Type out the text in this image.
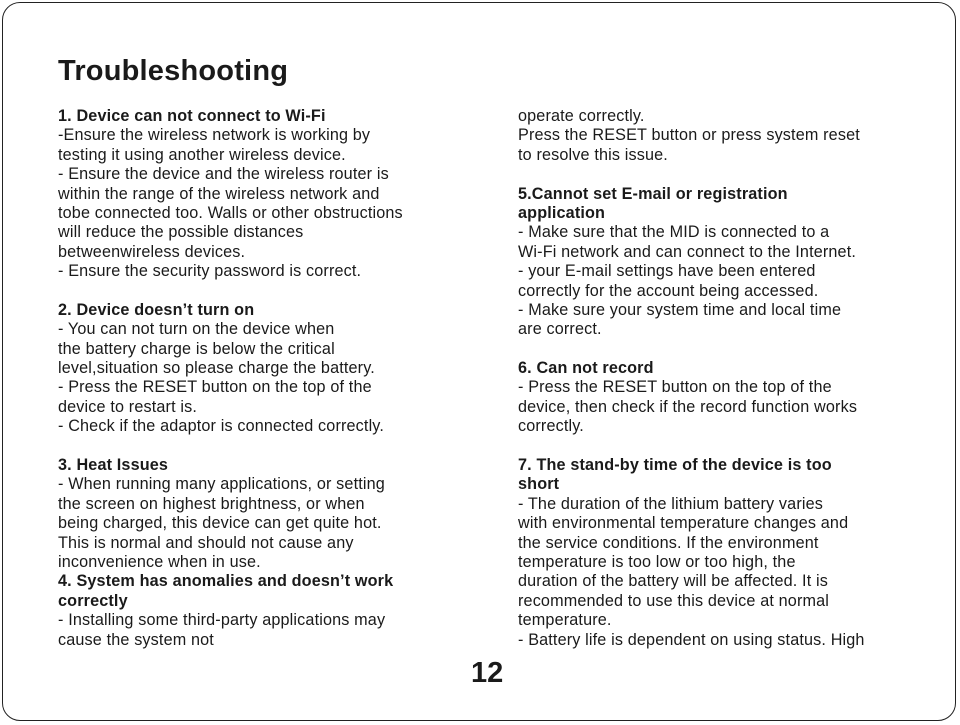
Troubleshooting
1. Device can not connect to Wi-Fi
-Ensure the wireless network is working by
testing it using another wireless device.
- Ensure the device and the wireless router is
within the range of the wireless network and
tobe connected too. Walls or other obstructions
will reduce the possible distances
betweenwireless devices.
- Ensure the security password is correct.
2. Device doesn’t turn on
- You can not turn on the device when
the battery charge is below the critical
level,situation so please charge the battery.
- Press the RESET button on the top of the
device to restart is.
- Check if the adaptor is connected correctly.
3. Heat Issues
- When running many applications, or setting
the screen on highest brightness, or when
being charged, this device can get quite hot.
This is normal and should not cause any
inconvenience when in use.
4. System has anomalies and doesn’t work
correctly
- Installing some third-party applications may
cause the system not
operate correctly.
Press the RESET button or press system reset
to resolve this issue.
5.Cannot set E-mail or registration
application
- Make sure that the MID is connected to a
Wi-Fi network and can connect to the Internet.
- your E-mail settings have been entered
correctly for the account being accessed.
- Make sure your system time and local time
are correct.
6. Can not record
- Press the RESET button on the top of the
device, then check if the record function works
correctly.
7. The stand-by time of the device is too
short
- The duration of the lithium battery varies
with environmental temperature changes and
the service conditions. If the environment
temperature is too low or too high, the
duration of the battery will be affected. It is
recommended to use this device at normal
temperature.
- Battery life is dependent on using status. High
12
